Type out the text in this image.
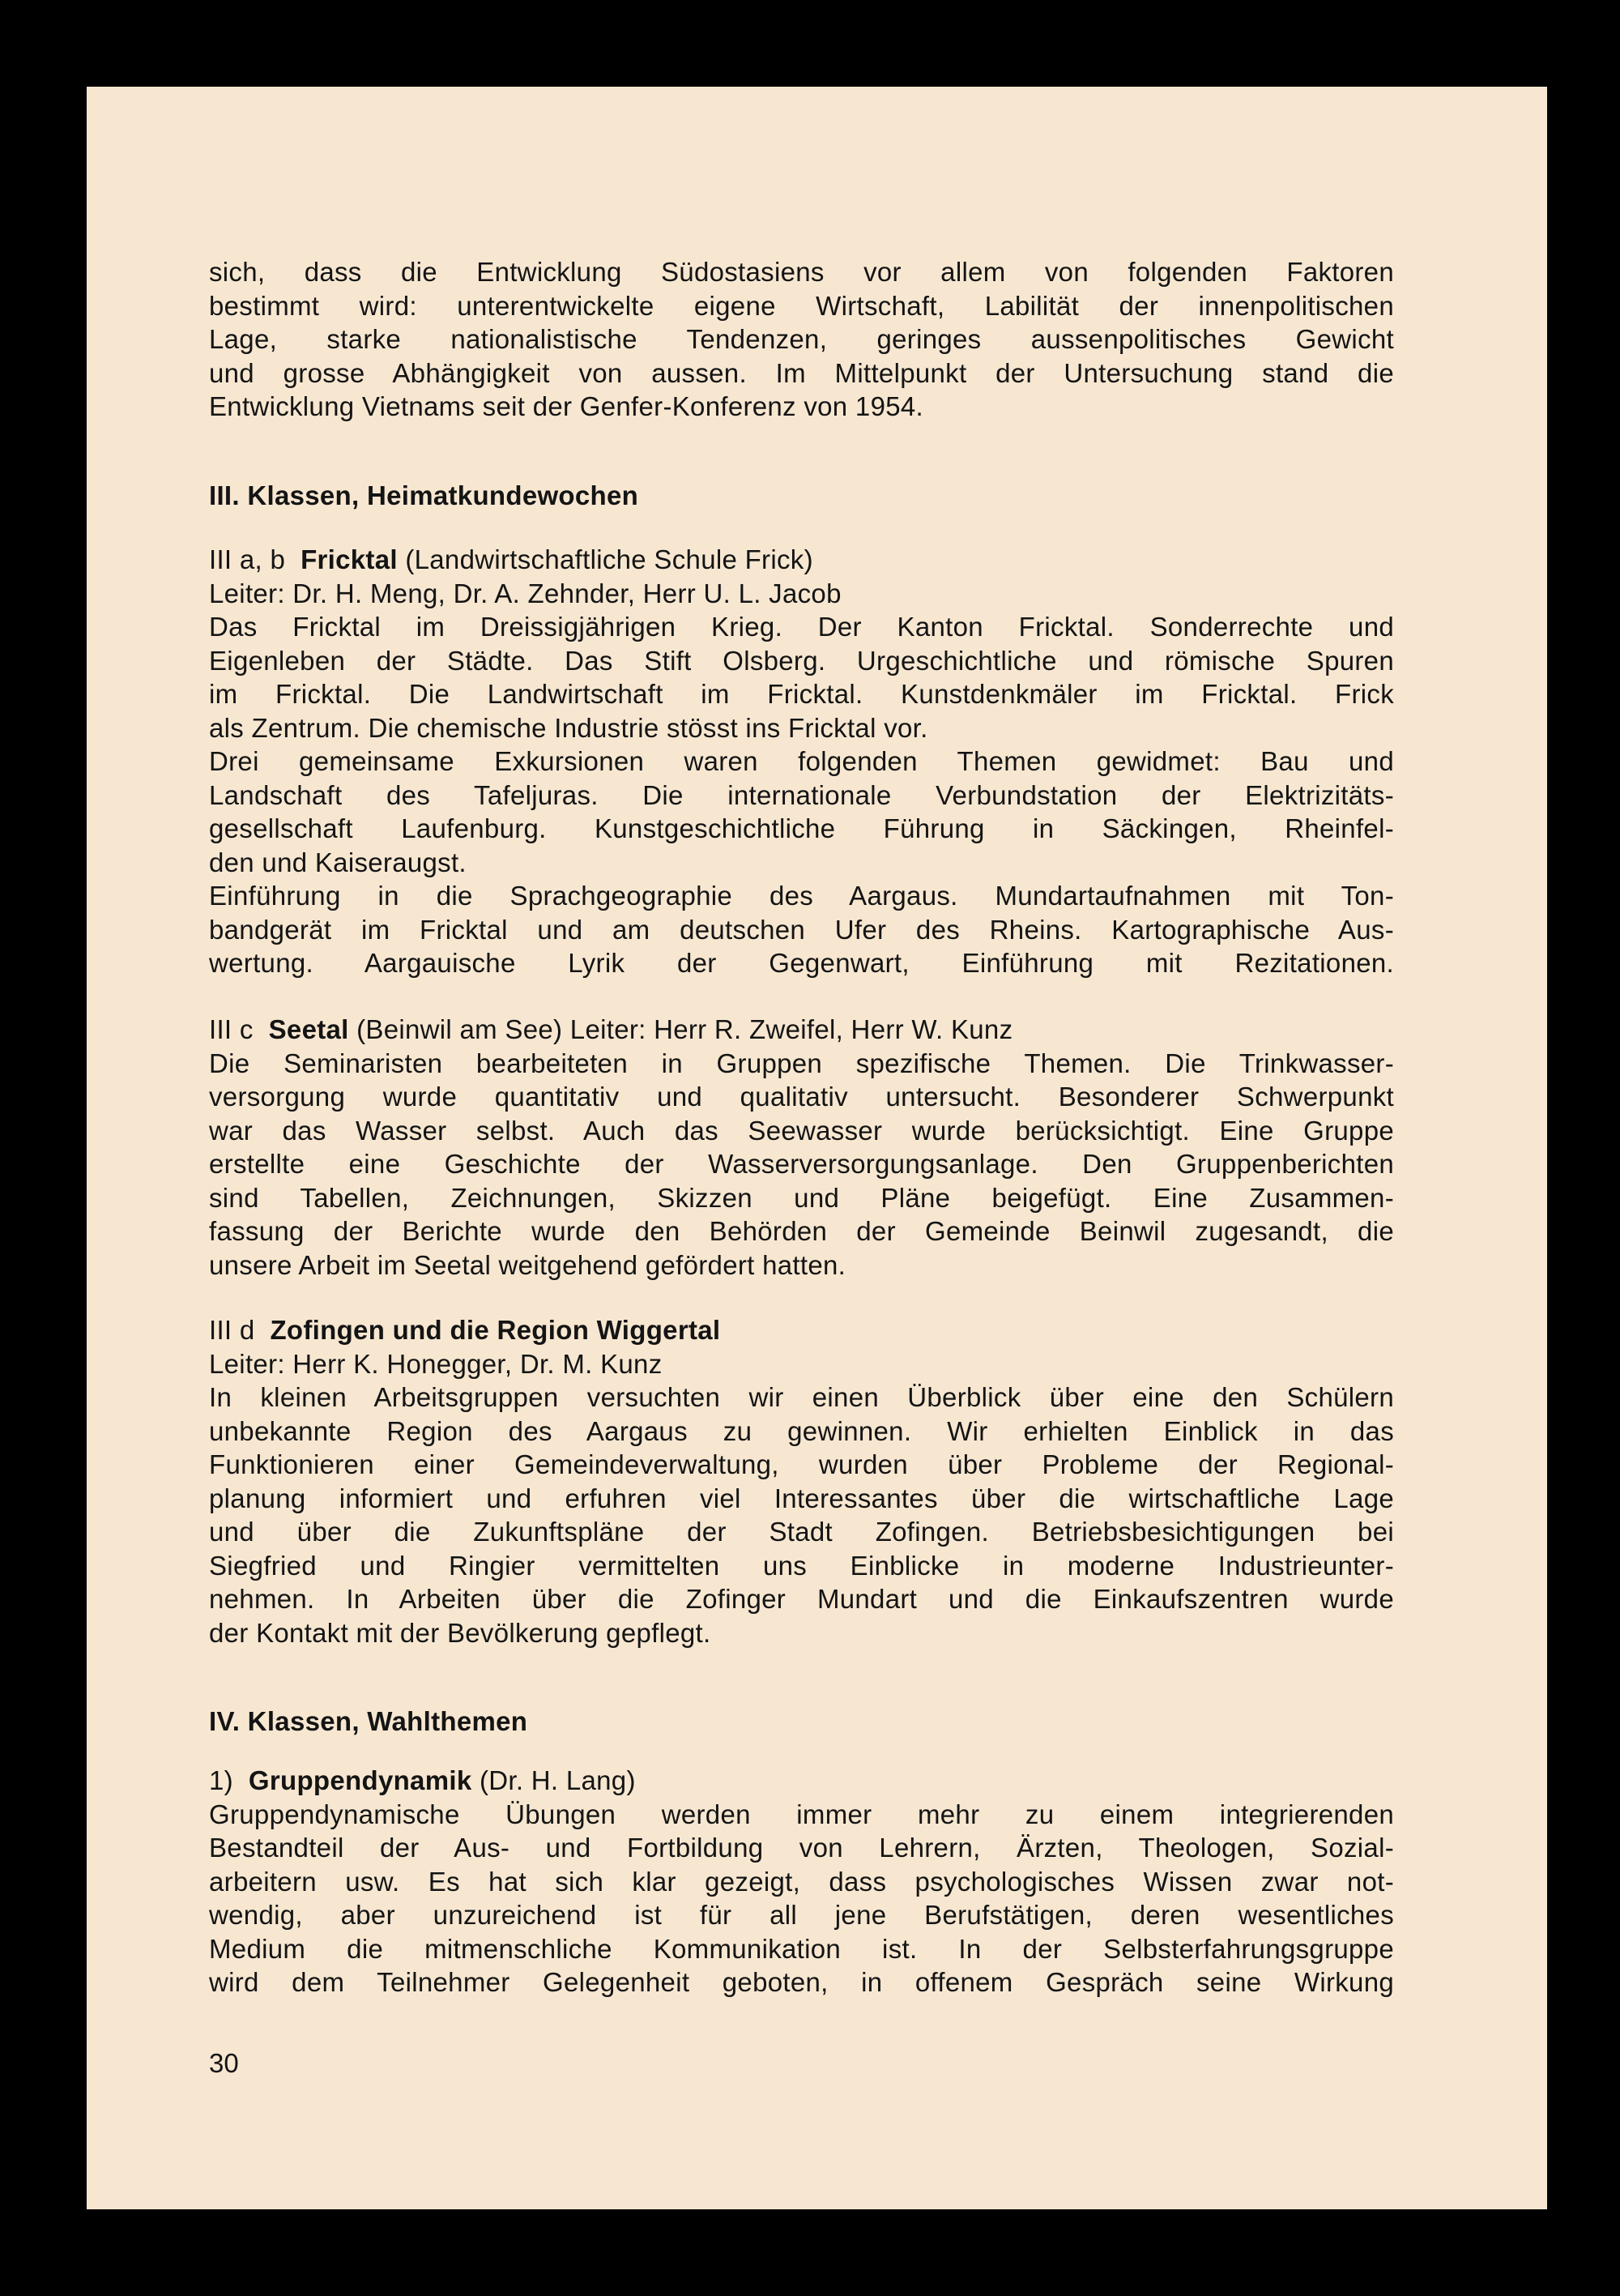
sich, dass die Entwicklung Südostasiens vor allem von folgenden Faktoren
bestimmt wird: unterentwickelte eigene Wirtschaft, Labilität der innenpolitischen
Lage, starke nationalistische Tendenzen, geringes aussenpolitisches Gewicht
und grosse Abhängigkeit von aussen. Im Mittelpunkt der Untersuchung stand die
Entwicklung Vietnams seit der Genfer-Konferenz von 1954.
III. Klassen, Heimatkundewochen
III a, b Fricktal (Landwirtschaftliche Schule Frick)
Leiter: Dr. H. Meng, Dr. A. Zehnder, Herr U. L. Jacob
Das Fricktal im Dreissigjährigen Krieg. Der Kanton Fricktal. Sonderrechte und
Eigenleben der Städte. Das Stift Olsberg. Urgeschichtliche und römische Spuren
im Fricktal. Die Landwirtschaft im Fricktal. Kunstdenkmäler im Fricktal. Frick
als Zentrum. Die chemische Industrie stösst ins Fricktal vor.
Drei gemeinsame Exkursionen waren folgenden Themen gewidmet: Bau und
Landschaft des Tafeljuras. Die internationale Verbundstation der Elektrizitäts-
gesellschaft Laufenburg. Kunstgeschichtliche Führung in Säckingen, Rheinfel-
den und Kaiseraugst.
Einführung in die Sprachgeographie des Aargaus. Mundartaufnahmen mit Ton-
bandgerät im Fricktal und am deutschen Ufer des Rheins. Kartographische Aus-
wertung. Aargauische Lyrik der Gegenwart, Einführung mit Rezitationen.
III c Seetal (Beinwil am See) Leiter: Herr R. Zweifel, Herr W. Kunz
Die Seminaristen bearbeiteten in Gruppen spezifische Themen. Die Trinkwasser-
versorgung wurde quantitativ und qualitativ untersucht. Besonderer Schwerpunkt
war das Wasser selbst. Auch das Seewasser wurde berücksichtigt. Eine Gruppe
erstellte eine Geschichte der Wasserversorgungsanlage. Den Gruppenberichten
sind Tabellen, Zeichnungen, Skizzen und Pläne beigefügt. Eine Zusammen-
fassung der Berichte wurde den Behörden der Gemeinde Beinwil zugesandt, die
unsere Arbeit im Seetal weitgehend gefördert hatten.
III d Zofingen und die Region Wiggertal
Leiter: Herr K. Honegger, Dr. M. Kunz
In kleinen Arbeitsgruppen versuchten wir einen Überblick über eine den Schülern
unbekannte Region des Aargaus zu gewinnen. Wir erhielten Einblick in das
Funktionieren einer Gemeindeverwaltung, wurden über Probleme der Regional-
planung informiert und erfuhren viel Interessantes über die wirtschaftliche Lage
und über die Zukunftspläne der Stadt Zofingen. Betriebsbesichtigungen bei
Siegfried und Ringier vermittelten uns Einblicke in moderne Industrieunter-
nehmen. In Arbeiten über die Zofinger Mundart und die Einkaufszentren wurde
der Kontakt mit der Bevölkerung gepflegt.
IV. Klassen, Wahlthemen
1) Gruppendynamik (Dr. H. Lang)
Gruppendynamische Übungen werden immer mehr zu einem integrierenden
Bestandteil der Aus- und Fortbildung von Lehrern, Ärzten, Theologen, Sozial-
arbeitern usw. Es hat sich klar gezeigt, dass psychologisches Wissen zwar not-
wendig, aber unzureichend ist für all jene Berufstätigen, deren wesentliches
Medium die mitmenschliche Kommunikation ist. In der Selbsterfahrungsgruppe
wird dem Teilnehmer Gelegenheit geboten, in offenem Gespräch seine Wirkung
30
